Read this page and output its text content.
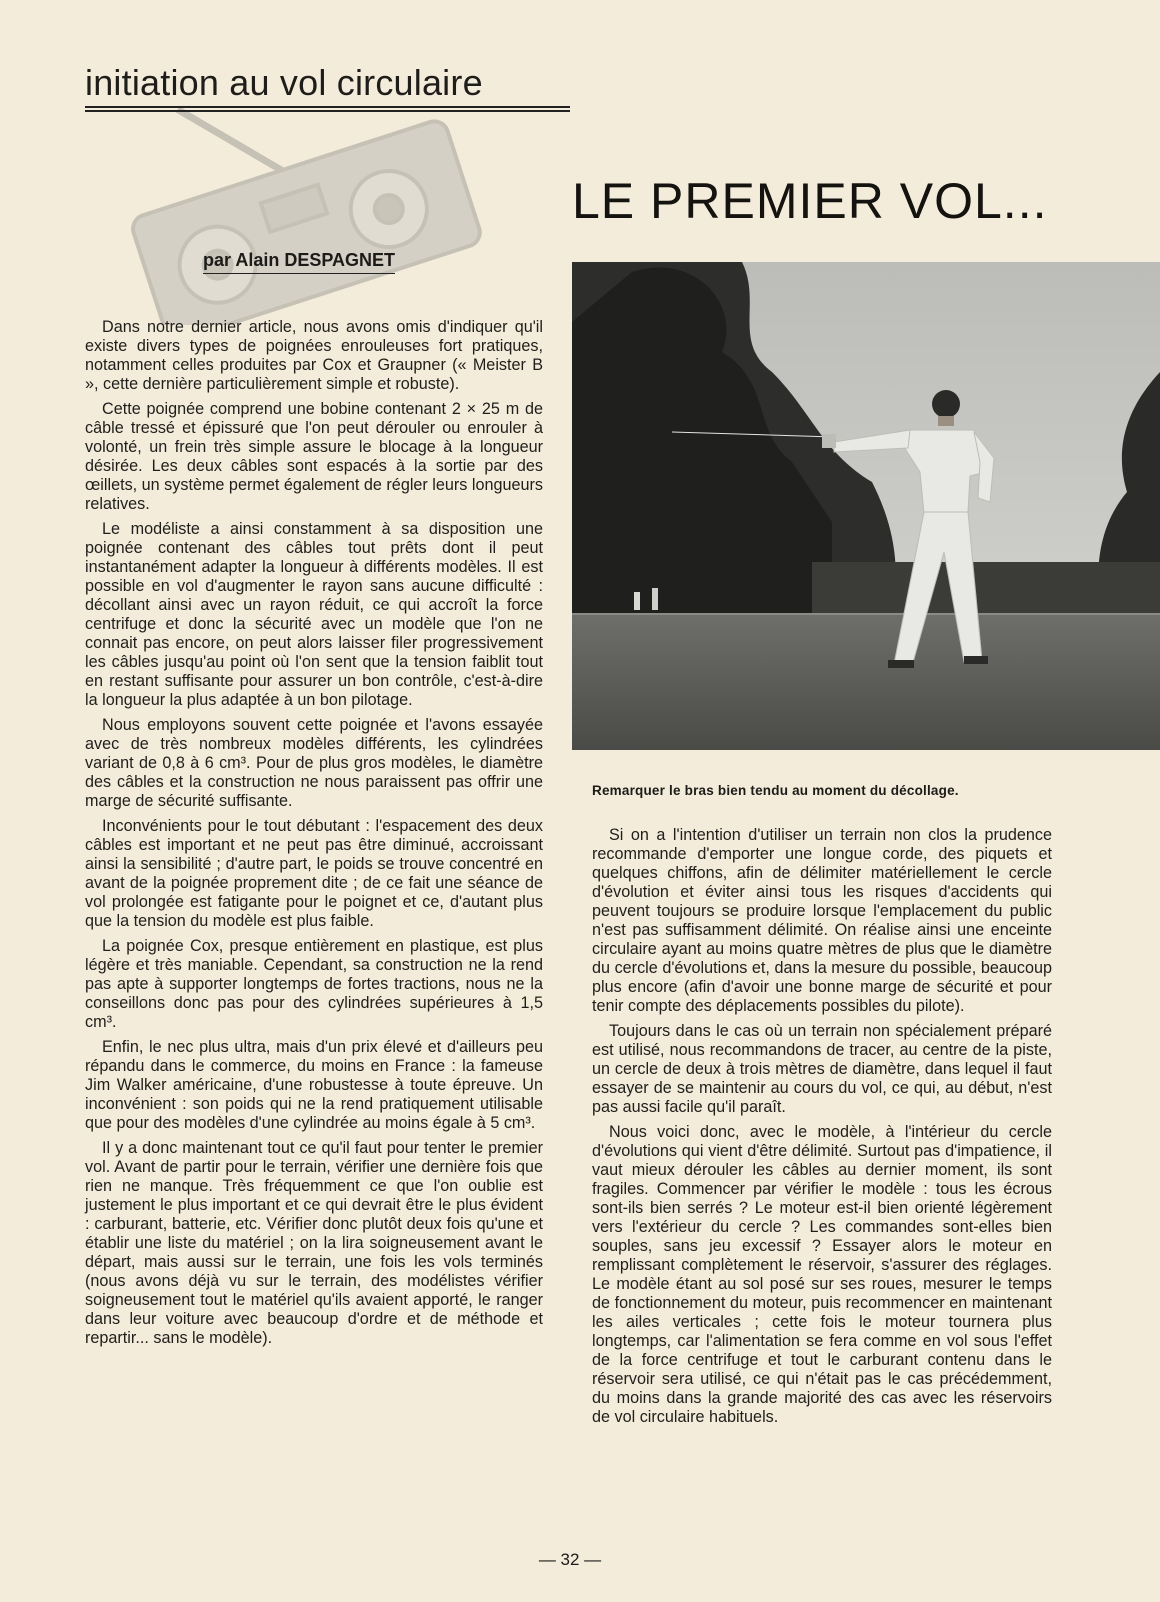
initiation au vol circulaire
par Alain DESPAGNET
LE PREMIER VOL...
Remarquer le bras bien tendu au moment du décollage.

Dans notre dernier article, nous avons omis d'indiquer qu'il existe divers types de poignées enrouleuses fort pratiques, notamment celles produites par Cox et Graupner (« Meister B », cette dernière particulièrement simple et robuste).

Cette poignée comprend une bobine contenant 2 × 25 m de câble tressé et épissuré que l'on peut dérouler ou enrouler à volonté, un frein très simple assure le blocage à la longueur désirée. Les deux câbles sont espacés à la sortie par des œillets, un système permet également de régler leurs longueurs relatives.

Le modéliste a ainsi constamment à sa disposition une poignée contenant des câbles tout prêts dont il peut instantanément adapter la longueur à différents modèles. Il est possible en vol d'augmenter le rayon sans aucune difficulté : décollant ainsi avec un rayon réduit, ce qui accroît la force centrifuge et donc la sécurité avec un modèle que l'on ne connait pas encore, on peut alors laisser filer progressivement les câbles jusqu'au point où l'on sent que la tension faiblit tout en restant suffisante pour assurer un bon contrôle, c'est-à-dire la longueur la plus adaptée à un bon pilotage.

Nous employons souvent cette poignée et l'avons essayée avec de très nombreux modèles différents, les cylindrées variant de 0,8 à 6 cm³. Pour de plus gros modèles, le diamètre des câbles et la construction ne nous paraissent pas offrir une marge de sécurité suffisante.

Inconvénients pour le tout débutant : l'espacement des deux câbles est important et ne peut pas être diminué, accroissant ainsi la sensibilité ; d'autre part, le poids se trouve concentré en avant de la poignée proprement dite ; de ce fait une séance de vol prolongée est fatigante pour le poignet et ce, d'autant plus que la tension du modèle est plus faible.

La poignée Cox, presque entièrement en plastique, est plus légère et très maniable. Cependant, sa construction ne la rend pas apte à supporter longtemps de fortes tractions, nous ne la conseillons donc pas pour des cylindrées supérieures à 1,5 cm³.

Enfin, le nec plus ultra, mais d'un prix élevé et d'ailleurs peu répandu dans le commerce, du moins en France : la fameuse Jim Walker américaine, d'une robustesse à toute épreuve. Un inconvénient : son poids qui ne la rend pratiquement utilisable que pour des modèles d'une cylindrée au moins égale à 5 cm³.

Il y a donc maintenant tout ce qu'il faut pour tenter le premier vol. Avant de partir pour le terrain, vérifier une dernière fois que rien ne manque. Très fréquemment ce que l'on oublie est justement le plus important et ce qui devrait être le plus évident : carburant, batterie, etc. Vérifier donc plutôt deux fois qu'une et établir une liste du matériel ; on la lira soigneusement avant le départ, mais aussi sur le terrain, une fois les vols terminés (nous avons déjà vu sur le terrain, des modélistes vérifier soigneusement tout le matériel qu'ils avaient apporté, le ranger dans leur voiture avec beaucoup d'ordre et de méthode et repartir... sans le modèle).

Si on a l'intention d'utiliser un terrain non clos la prudence recommande d'emporter une longue corde, des piquets et quelques chiffons, afin de délimiter matériellement le cercle d'évolution et éviter ainsi tous les risques d'accidents qui peuvent toujours se produire lorsque l'emplacement du public n'est pas suffisamment délimité. On réalise ainsi une enceinte circulaire ayant au moins quatre mètres de plus que le diamètre du cercle d'évolutions et, dans la mesure du possible, beaucoup plus encore (afin d'avoir une bonne marge de sécurité et pour tenir compte des déplacements possibles du pilote).

Toujours dans le cas où un terrain non spécialement préparé est utilisé, nous recommandons de tracer, au centre de la piste, un cercle de deux à trois mètres de diamètre, dans lequel il faut essayer de se maintenir au cours du vol, ce qui, au début, n'est pas aussi facile qu'il paraît.

Nous voici donc, avec le modèle, à l'intérieur du cercle d'évolutions qui vient d'être délimité. Surtout pas d'impatience, il vaut mieux dérouler les câbles au dernier moment, ils sont fragiles. Commencer par vérifier le modèle : tous les écrous sont-ils bien serrés ? Le moteur est-il bien orienté légèrement vers l'extérieur du cercle ? Les commandes sont-elles bien souples, sans jeu excessif ? Essayer alors le moteur en remplissant complètement le réservoir, s'assurer des réglages. Le modèle étant au sol posé sur ses roues, mesurer le temps de fonctionnement du moteur, puis recommencer en maintenant les ailes verticales ; cette fois le moteur tournera plus longtemps, car l'alimentation se fera comme en vol sous l'effet de la force centrifuge et tout le carburant contenu dans le réservoir sera utilisé, ce qui n'était pas le cas précédemment, du moins dans la grande majorité des cas avec les réservoirs de vol circulaire habituels.

— 32 —
